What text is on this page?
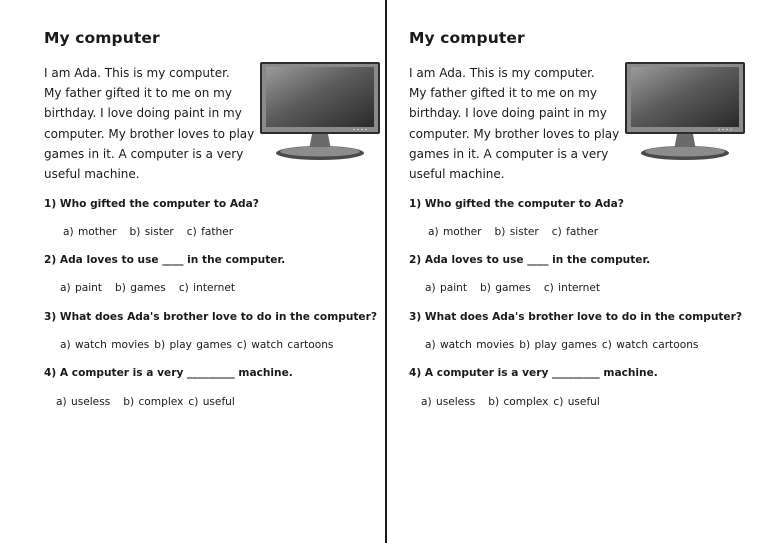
My computer
I am Ada. This is my computer.
My father gifted it to me on my
birthday. I love doing paint in my
computer. My brother loves to play
games in it. A computer is a very
useful machine.
1) Who gifted the computer to Ada?
a) mother b) sister c) father
2) Ada loves to use ____ in the computer.
a) paint b) games c) internet
3) What does Ada's brother love to do in the computer?
a) watch movies b) play games c) watch cartoons
4) A computer is a very _________ machine.
a) useless b) complex c) useful
My computer
I am Ada. This is my computer.
My father gifted it to me on my
birthday. I love doing paint in my
computer. My brother loves to play
games in it. A computer is a very
useful machine.
1) Who gifted the computer to Ada?
a) mother b) sister c) father
2) Ada loves to use ____ in the computer.
a) paint b) games c) internet
3) What does Ada's brother love to do in the computer?
a) watch movies b) play games c) watch cartoons
4) A computer is a very _________ machine.
a) useless b) complex c) useful
